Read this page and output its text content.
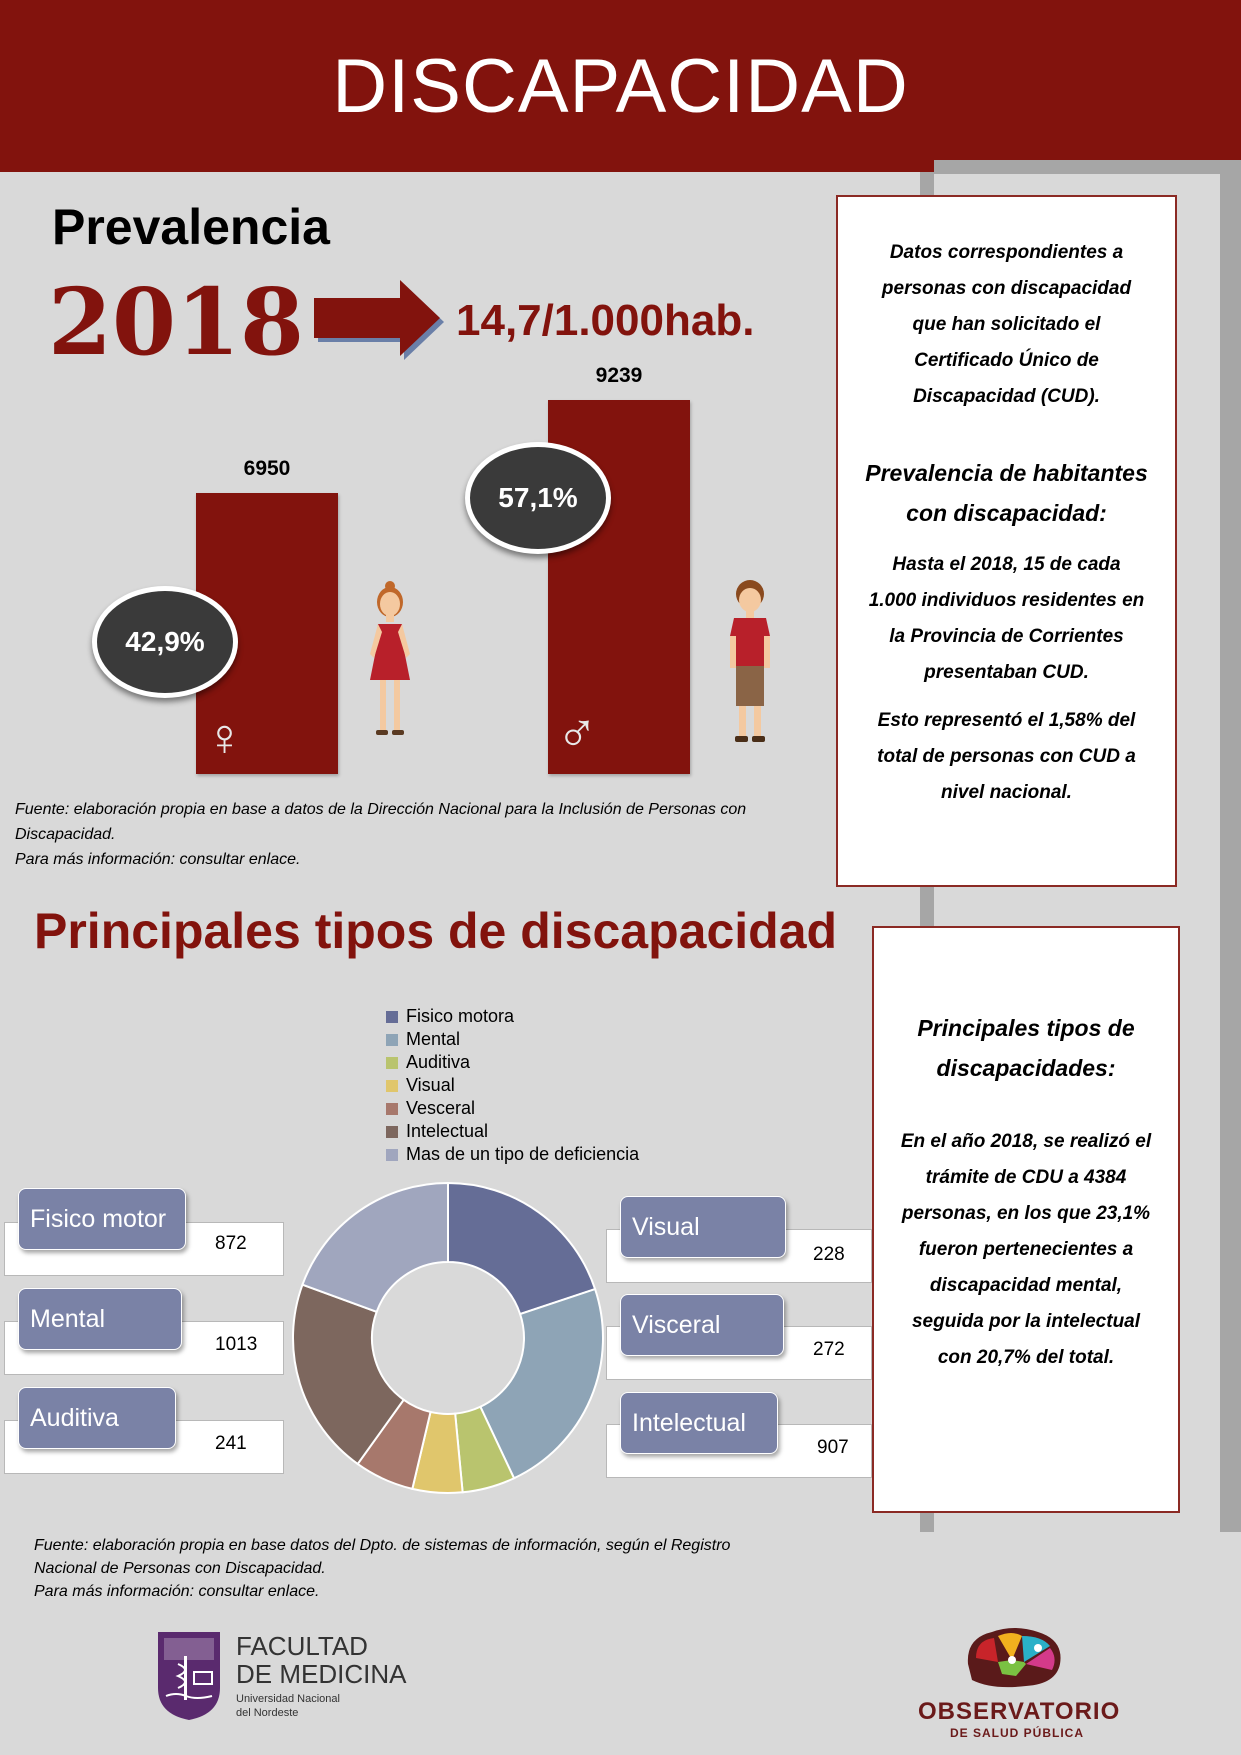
DISCAPACIDAD
Prevalencia
2018	14,7/1.000hab.
6950
9239
♀	♂
42,9%
57,1%
Fuente: elaboración propia en base a datos de la Dirección Nacional para la Inclusión de Personas con
Discapacidad.
Para más información: consultar enlace.
Datos correspondientes a
personas con discapacidad
que han solicitado el
Certificado Único de
Discapacidad (CUD).
Prevalencia de habitantes
con discapacidad:
Hasta el 2018, 15 de cada
1.000 individuos residentes en
la Provincia de Corrientes
presentaban CUD.
Esto representó el 1,58% del
total de personas con CUD a
nivel nacional.
Principales tipos de discapacidad
Fisico motora
Mental
Auditiva
Visual
Vesceral
Intelectual
Mas de un tipo de deficiencia
872
Fisico motor
1013
Mental
241
Auditiva
228
Visual
272
Visceral
907
Intelectual
Principales tipos de
discapacidades:
En el año 2018, se realizó el
trámite de CDU a 4384
personas, en los que 23,1%
fueron pertenecientes a
discapacidad mental,
seguida por la intelectual
con 20,7% del total.
Fuente: elaboración propia en base datos del Dpto. de sistemas de información, según el Registro
Nacional de Personas con Discapacidad.
Para más información: consultar enlace.
FACULTAD
DE MEDICINA
Universidad Nacional
del Nordeste	OBSERVATORIO
DE SALUD PÚBLICA
